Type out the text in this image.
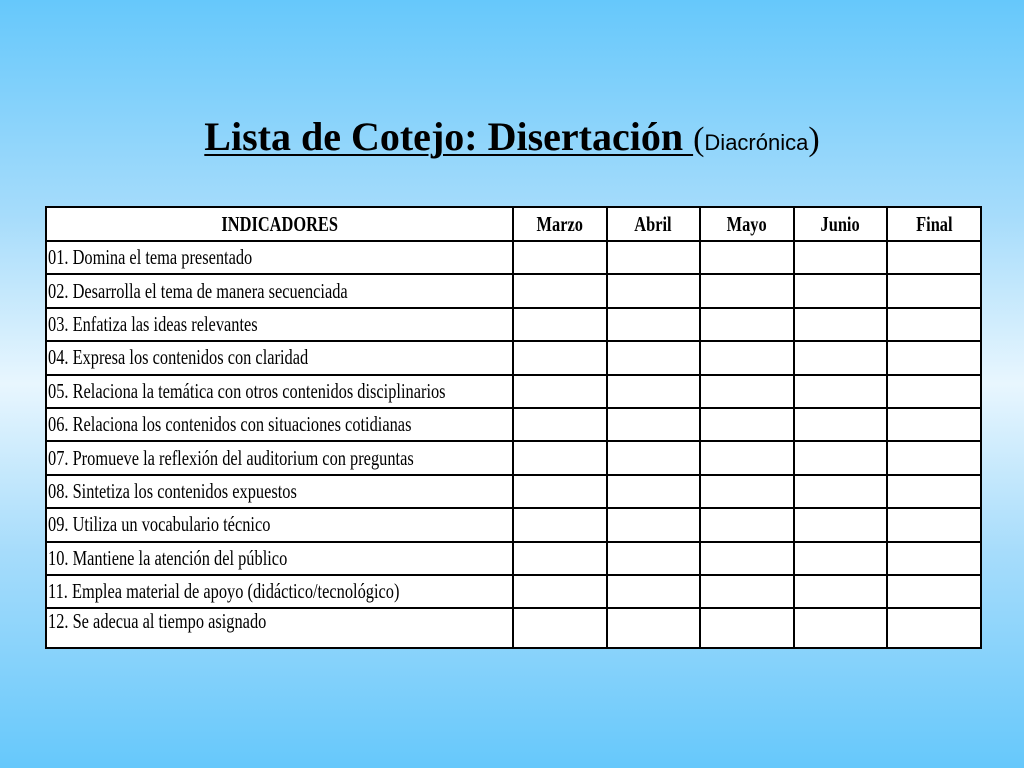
Lista de Cotejo: Disertación (Diacrónica)
INDICADORES	Marzo	Abril	Mayo	Junio	Final
01. Domina el tema presentado					
02. Desarrolla el tema de manera secuenciada					
03. Enfatiza las ideas relevantes					
04. Expresa los contenidos con claridad					
05. Relaciona la temática con otros contenidos disciplinarios					
06. Relaciona los contenidos con situaciones cotidianas					
07. Promueve la reflexión del auditorium con preguntas					
08. Sintetiza los contenidos expuestos					
09. Utiliza un vocabulario técnico					
10. Mantiene la atención del público					
11. Emplea material de apoyo (didáctico/tecnológico)					
12. Se adecua al tiempo asignado					
